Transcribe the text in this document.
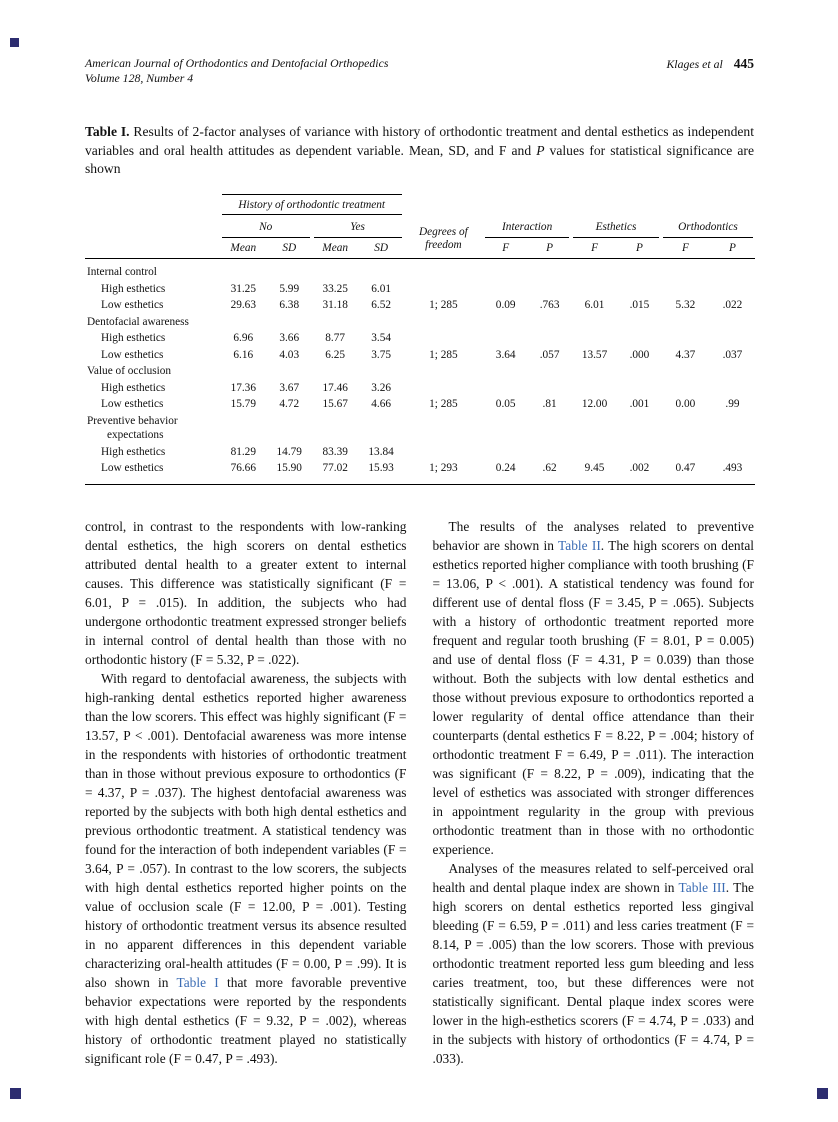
American Journal of Orthodontics and Dentofacial Orthopedics
Volume 128, Number 4
Klages et al 445

Table I. Results of 2-factor analyses of variance with history of orthodontic treatment and dental esthetics as independent variables and oral health attitudes as dependent variable. Mean, SD, and F and P values for statistical significance are shown

	History of orthodontic treatment										

	No		Yes		Degrees of freedom	Interaction		Esthetics		Orthodontics	

	Mean	SD	Mean	SD		F	P	F	P	F	P
Internal control											
High esthetics	31.25	5.99	33.25	6.01							
Low esthetics	29.63	6.38	31.18	6.52	1; 285	0.09	.763	6.01	.015	5.32	.022
Dentofacial awareness											
High esthetics	6.96	3.66	8.77	3.54							
Low esthetics	6.16	4.03	6.25	3.75	1; 285	3.64	.057	13.57	.000	4.37	.037
Value of occlusion											
High esthetics	17.36	3.67	17.46	3.26							
Low esthetics	15.79	4.72	15.67	4.66	1; 285	0.05	.81	12.00	.001	0.00	.99
Preventive behavior
expectations											

High esthetics	81.29	14.79	83.39	13.84							
Low esthetics	76.66	15.90	77.02	15.93	1; 293	0.24	.62	9.45	.002	0.47	.493

control, in contrast to the respondents with low-ranking dental esthetics, the high scorers on dental esthetics attributed dental health to a greater extent to internal causes. This difference was statistically significant (F = 6.01, P = .015). In addition, the subjects who had undergone orthodontic treatment expressed stronger beliefs in internal control of dental health than those with no orthodontic history (F = 5.32, P = .022).

With regard to dentofacial awareness, the subjects with high-ranking dental esthetics reported higher awareness than the low scorers. This effect was highly significant (F = 13.57, P < .001). Dentofacial awareness was more intense in the respondents with histories of orthodontic treatment than in those without previous exposure to orthodontics (F = 4.37, P = .037). The highest dentofacial awareness was reported by the subjects with both high dental esthetics and previous orthodontic treatment. A statistical tendency was found for the interaction of both independent variables (F = 3.64, P = .057). In contrast to the low scorers, the subjects with high dental esthetics reported higher points on the value of occlusion scale (F = 12.00, P = .001). Testing history of orthodontic treatment versus its absence resulted in no apparent differences in this dependent variable characterizing oral-health attitudes (F = 0.00, P = .99). It is also shown in Table I that more favorable preventive behavior expectations were reported by the respondents with high dental esthetics (F = 9.32, P = .002), whereas history of orthodontic treatment played no statistically significant role (F = 0.47, P = .493).

The results of the analyses related to preventive behavior are shown in Table II. The high scorers on dental esthetics reported higher compliance with tooth brushing (F = 13.06, P < .001). A statistical tendency was found for different use of dental floss (F = 3.45, P = .065). Subjects with a history of orthodontic treatment reported more frequent and regular tooth brushing (F = 8.01, P = 0.005) and use of dental floss (F = 4.31, P = 0.039) than those without. Both the subjects with low dental esthetics and those without previous exposure to orthodontics reported a lower regularity of dental office attendance than their counterparts (dental esthetics F = 8.22, P = .004; history of orthodontic treatment F = 6.49, P = .011). The interaction was significant (F = 8.22, P = .009), indicating that the level of esthetics was associated with stronger differences in appointment regularity in the group with previous orthodontic treatment than in those with no orthodontic experience.

Analyses of the measures related to self-perceived oral health and dental plaque index are shown in Table III. The high scorers on dental esthetics reported less gingival bleeding (F = 6.59, P = .011) and less caries treatment (F = 8.14, P = .005) than the low scorers. Those with previous orthodontic treatment reported less gum bleeding and less caries treatment, too, but these differences were not statistically significant. Dental plaque index scores were lower in the high-esthetics scorers (F = 4.74, P = .033) and in the subjects with history of orthodontics (F = 4.74, P = .033).
